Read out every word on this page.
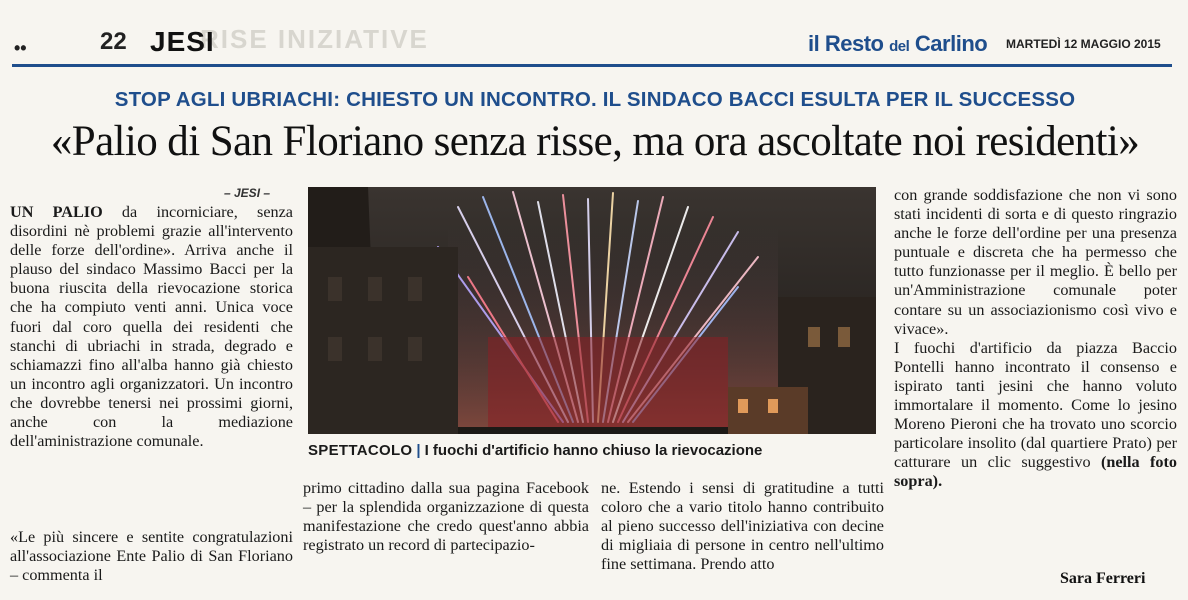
••	RISE INIZIATIVE
22 JESI	il Resto del Carlino MARTEDÌ 12 MAGGIO 2015
STOP AGLI UBRIACHI: CHIESTO UN INCONTRO. IL SINDACO BACCI ESULTA PER IL SUCCESSO
«Palio di San Floriano senza risse, ma ora ascoltate noi residenti»
– JESI –

UN PALIO da incorniciare, senza disordini nè problemi grazie all'intervento delle forze dell'ordine». Arriva anche il plauso del sindaco Massimo Bacci per la buona riuscita della rievocazione storica che ha compiuto venti anni. Unica voce fuori dal coro quella dei residenti che stanchi di ubriachi in strada, degrado e schiamazzi fino all'alba hanno già chiesto un incontro agli organizzatori. Un incontro che dovrebbe tenersi nei prossimi giorni, anche con la mediazione dell'aministrazione comunale.

«Le più sincere e sentite congratulazioni all'associazione Ente Palio di San Floriano – commenta il

SPETTACOLO | I fuochi d'artificio hanno chiuso la rievocazione

primo cittadino dalla sua pagina Facebook – per la splendida organizzazione di questa manifestazione che credo quest'anno abbia registrato un record di partecipazio-

ne. Estendo i sensi di gratitudine a tutti coloro che a vario titolo hanno contribuito al pieno successo dell'iniziativa con decine di migliaia di persone in centro nell'ultimo fine settimana. Prendo atto

con grande soddisfazione che non vi sono stati incidenti di sorta e di questo ringrazio anche le forze dell'ordine per una presenza puntuale e discreta che ha permesso che tutto funzionasse per il meglio. È bello per un'Amministrazione comunale poter contare su un associazionismo così vivo e vivace».

I fuochi d'artificio da piazza Baccio Pontelli hanno incontrato il consenso e ispirato tanti jesini che hanno voluto immortalare il momento. Come lo jesino Moreno Pieroni che ha trovato uno scorcio particolare insolito (dal quartiere Prato) per catturare un clic suggestivo (nella foto sopra).

Sara Ferreri
